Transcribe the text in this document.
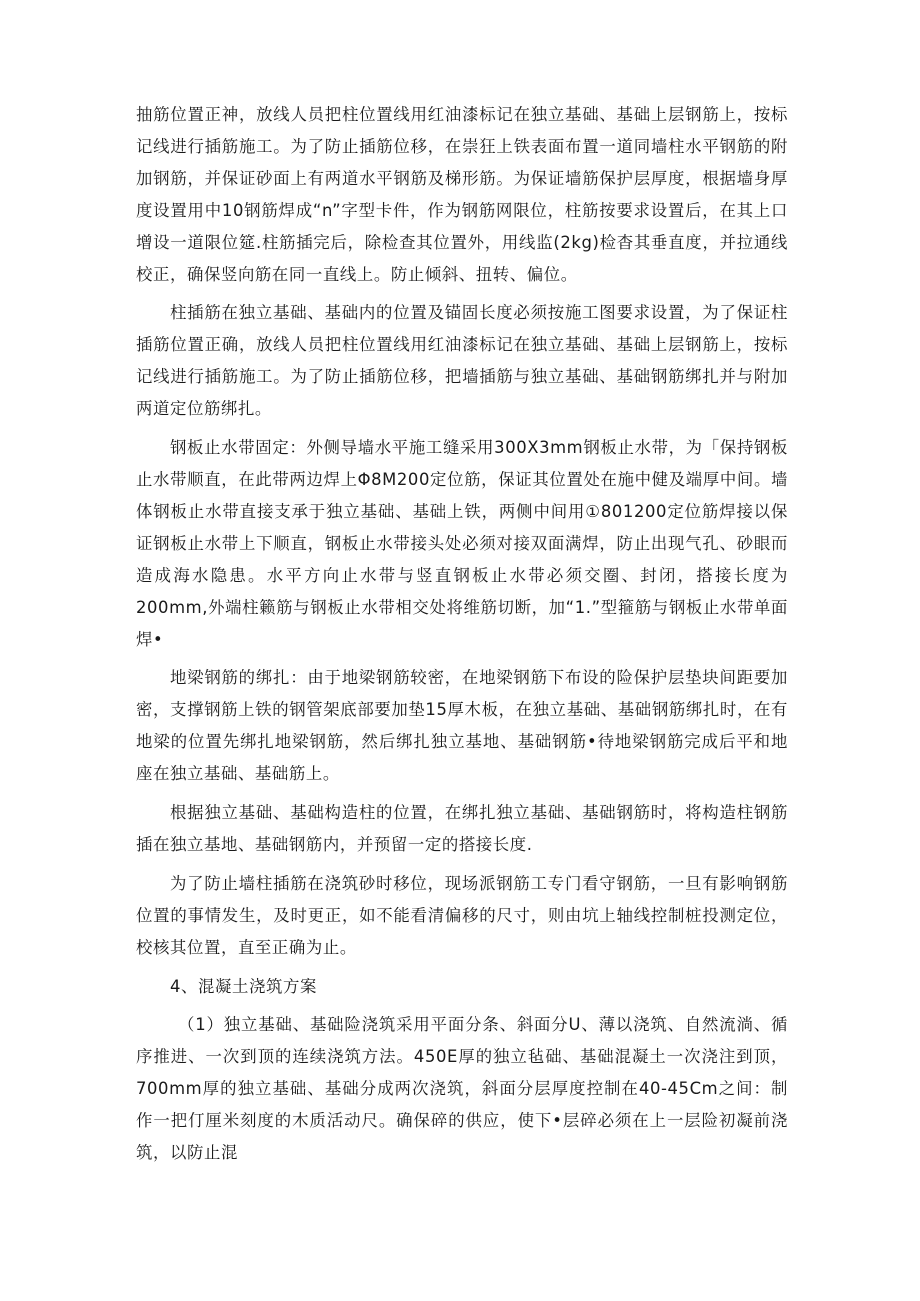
抽筋位置正神，放线人员把柱位置线用红油漆标记在独立基础、基础上层钢筋上，按标记线进行插筋施工。为了防止插筋位移，在崇狂上铁表面布置一道同墙柱水平钢筋的附加钢筋，并保证砂面上有两道水平钢筋及梯形筋。为保证墙筋保护层厚度，根据墙身厚度设置用中10钢筋焊成“n”字型卡件，作为钢筋网限位，柱筋按要求设置后，在其上口增设一道限位筵.柱筋插完后，除检查其位置外，用线监(2kg)检杳其垂直度，并拉通线校正，确保竖向筋在同一直线上。防止倾斜、扭转、偏位。

柱插筋在独立基础、基础内的位置及锚固长度必须按施工图要求设置，为了保证柱插筋位置正确，放线人员把柱位置线用红油漆标记在独立基础、基础上层钢筋上，按标记线进行插筋施工。为了防止插筋位移，把墙插筋与独立基础、基础钢筋绑扎并与附加两道定位筋绑扎。

钢板止水带固定：外侧导墙水平施工缝采用300X3mm钢板止水带，为「保持钢板止水带顺直，在此带两边焊上Φ8M200定位筋，保证其位置处在施中健及端厚中间。墙体钢板止水带直接支承于独立基础、基础上铁，两侧中间用①801200定位筋焊接以保证钢板止水带上下顺直，钢板止水带接头处必须对接双面满焊，防止出现气孔、砂眼而造成海水隐患。水平方向止水带与竖直钢板止水带必须交圈、封闭，搭接长度为200mm,外端柱籁筋与钢板止水带相交处将维筋切断，加“1.”型箍筋与钢板止水带单面焊•

地梁钢筋的绑扎：由于地梁钢筋较密，在地梁钢筋下布设的险保护层垫块间距要加密，支撑钢筋上铁的钢管架底部要加垫15厚木板，在独立基础、基础钢筋绑扎时，在有地梁的位置先绑扎地梁钢筋，然后绑扎独立基地、基础钢筋•待地梁钢筋完成后平和地座在独立基础、基础筋上。

根据独立基础、基础构造柱的位置，在绑扎独立基础、基础钢筋时，将构造柱钢筋插在独立基地、基础钢筋内，并预留一定的搭接长度.

为了防止墙柱插筋在浇筑砂时移位，现场派钢筋工专门看守钢筋，一旦有影响钢筋位置的事情发生，及时更正，如不能看清偏移的尺寸，则由坑上轴线控制桩投测定位，校核其位置，直至正确为止。

4、混凝土浇筑方案

（1）独立基础、基础险浇筑采用平面分条、斜面分U、薄以浇筑、自然流淌、循序推进、一次到顶的连续浇筑方法。450E厚的独立毡础、基础混凝土一次浇注到顶，700mm厚的独立基础、基础分成两次浇筑，斜面分层厚度控制在40-45Cm之间：制作一把仃厘米刻度的木质活动尺。确保碎的供应，使下•层碎必须在上一层险初凝前浇筑，以防止混
